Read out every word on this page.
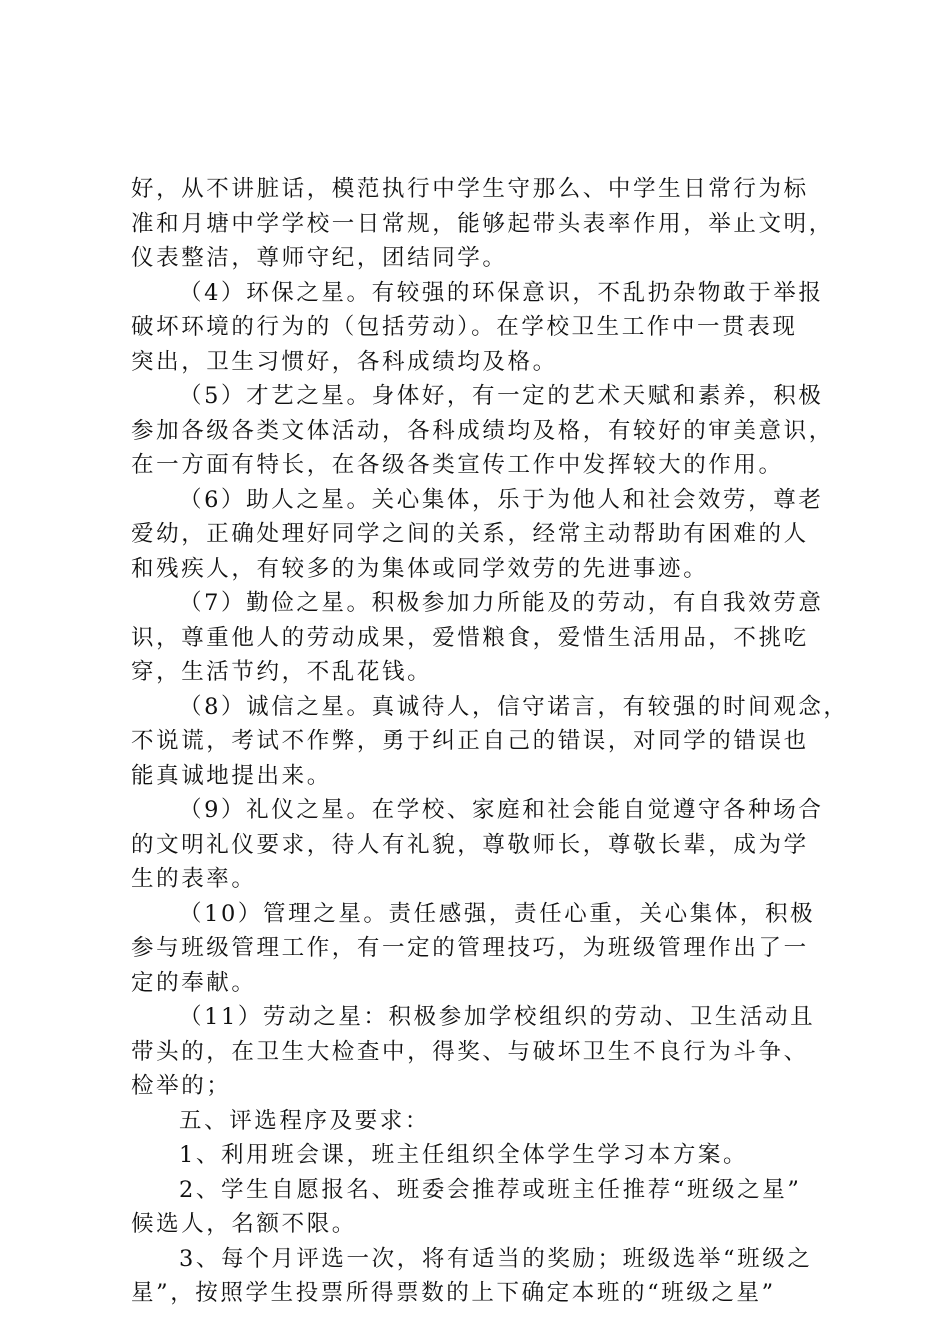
好，从不讲脏话，模范执行中学生守那么、中学生日常行为标
准和月塘中学学校一日常规，能够起带头表率作用，举止文明，
仪表整洁，尊师守纪，团结同学。
（4）环保之星。有较强的环保意识，不乱扔杂物敢于举报
破坏环境的行为的（包括劳动）。在学校卫生工作中一贯表现
突出，卫生习惯好，各科成绩均及格。
（5）才艺之星。身体好，有一定的艺术天赋和素养，积极
参加各级各类文体活动，各科成绩均及格，有较好的审美意识，
在一方面有特长，在各级各类宣传工作中发挥较大的作用。
（6）助人之星。关心集体，乐于为他人和社会效劳，尊老
爱幼，正确处理好同学之间的关系，经常主动帮助有困难的人
和残疾人，有较多的为集体或同学效劳的先进事迹。
（7）勤俭之星。积极参加力所能及的劳动，有自我效劳意
识，尊重他人的劳动成果，爱惜粮食，爱惜生活用品，不挑吃
穿，生活节约，不乱花钱。
（8）诚信之星。真诚待人，信守诺言，有较强的时间观念，
不说谎，考试不作弊，勇于纠正自己的错误，对同学的错误也
能真诚地提出来。
（9）礼仪之星。在学校、家庭和社会能自觉遵守各种场合
的文明礼仪要求，待人有礼貌，尊敬师长，尊敬长辈，成为学
生的表率。
（10）管理之星。责任感强，责任心重，关心集体，积极
参与班级管理工作，有一定的管理技巧，为班级管理作出了一
定的奉献。
（11）劳动之星：积极参加学校组织的劳动、卫生活动且
带头的，在卫生大检查中，得奖、与破坏卫生不良行为斗争、
检举的；
五、评选程序及要求：
1、利用班会课，班主任组织全体学生学习本方案。
2、学生自愿报名、班委会推荐或班主任推荐“班级之星”
候选人，名额不限。
3、每个月评选一次，将有适当的奖励；班级选举“班级之
星”，按照学生投票所得票数的上下确定本班的“班级之星”
